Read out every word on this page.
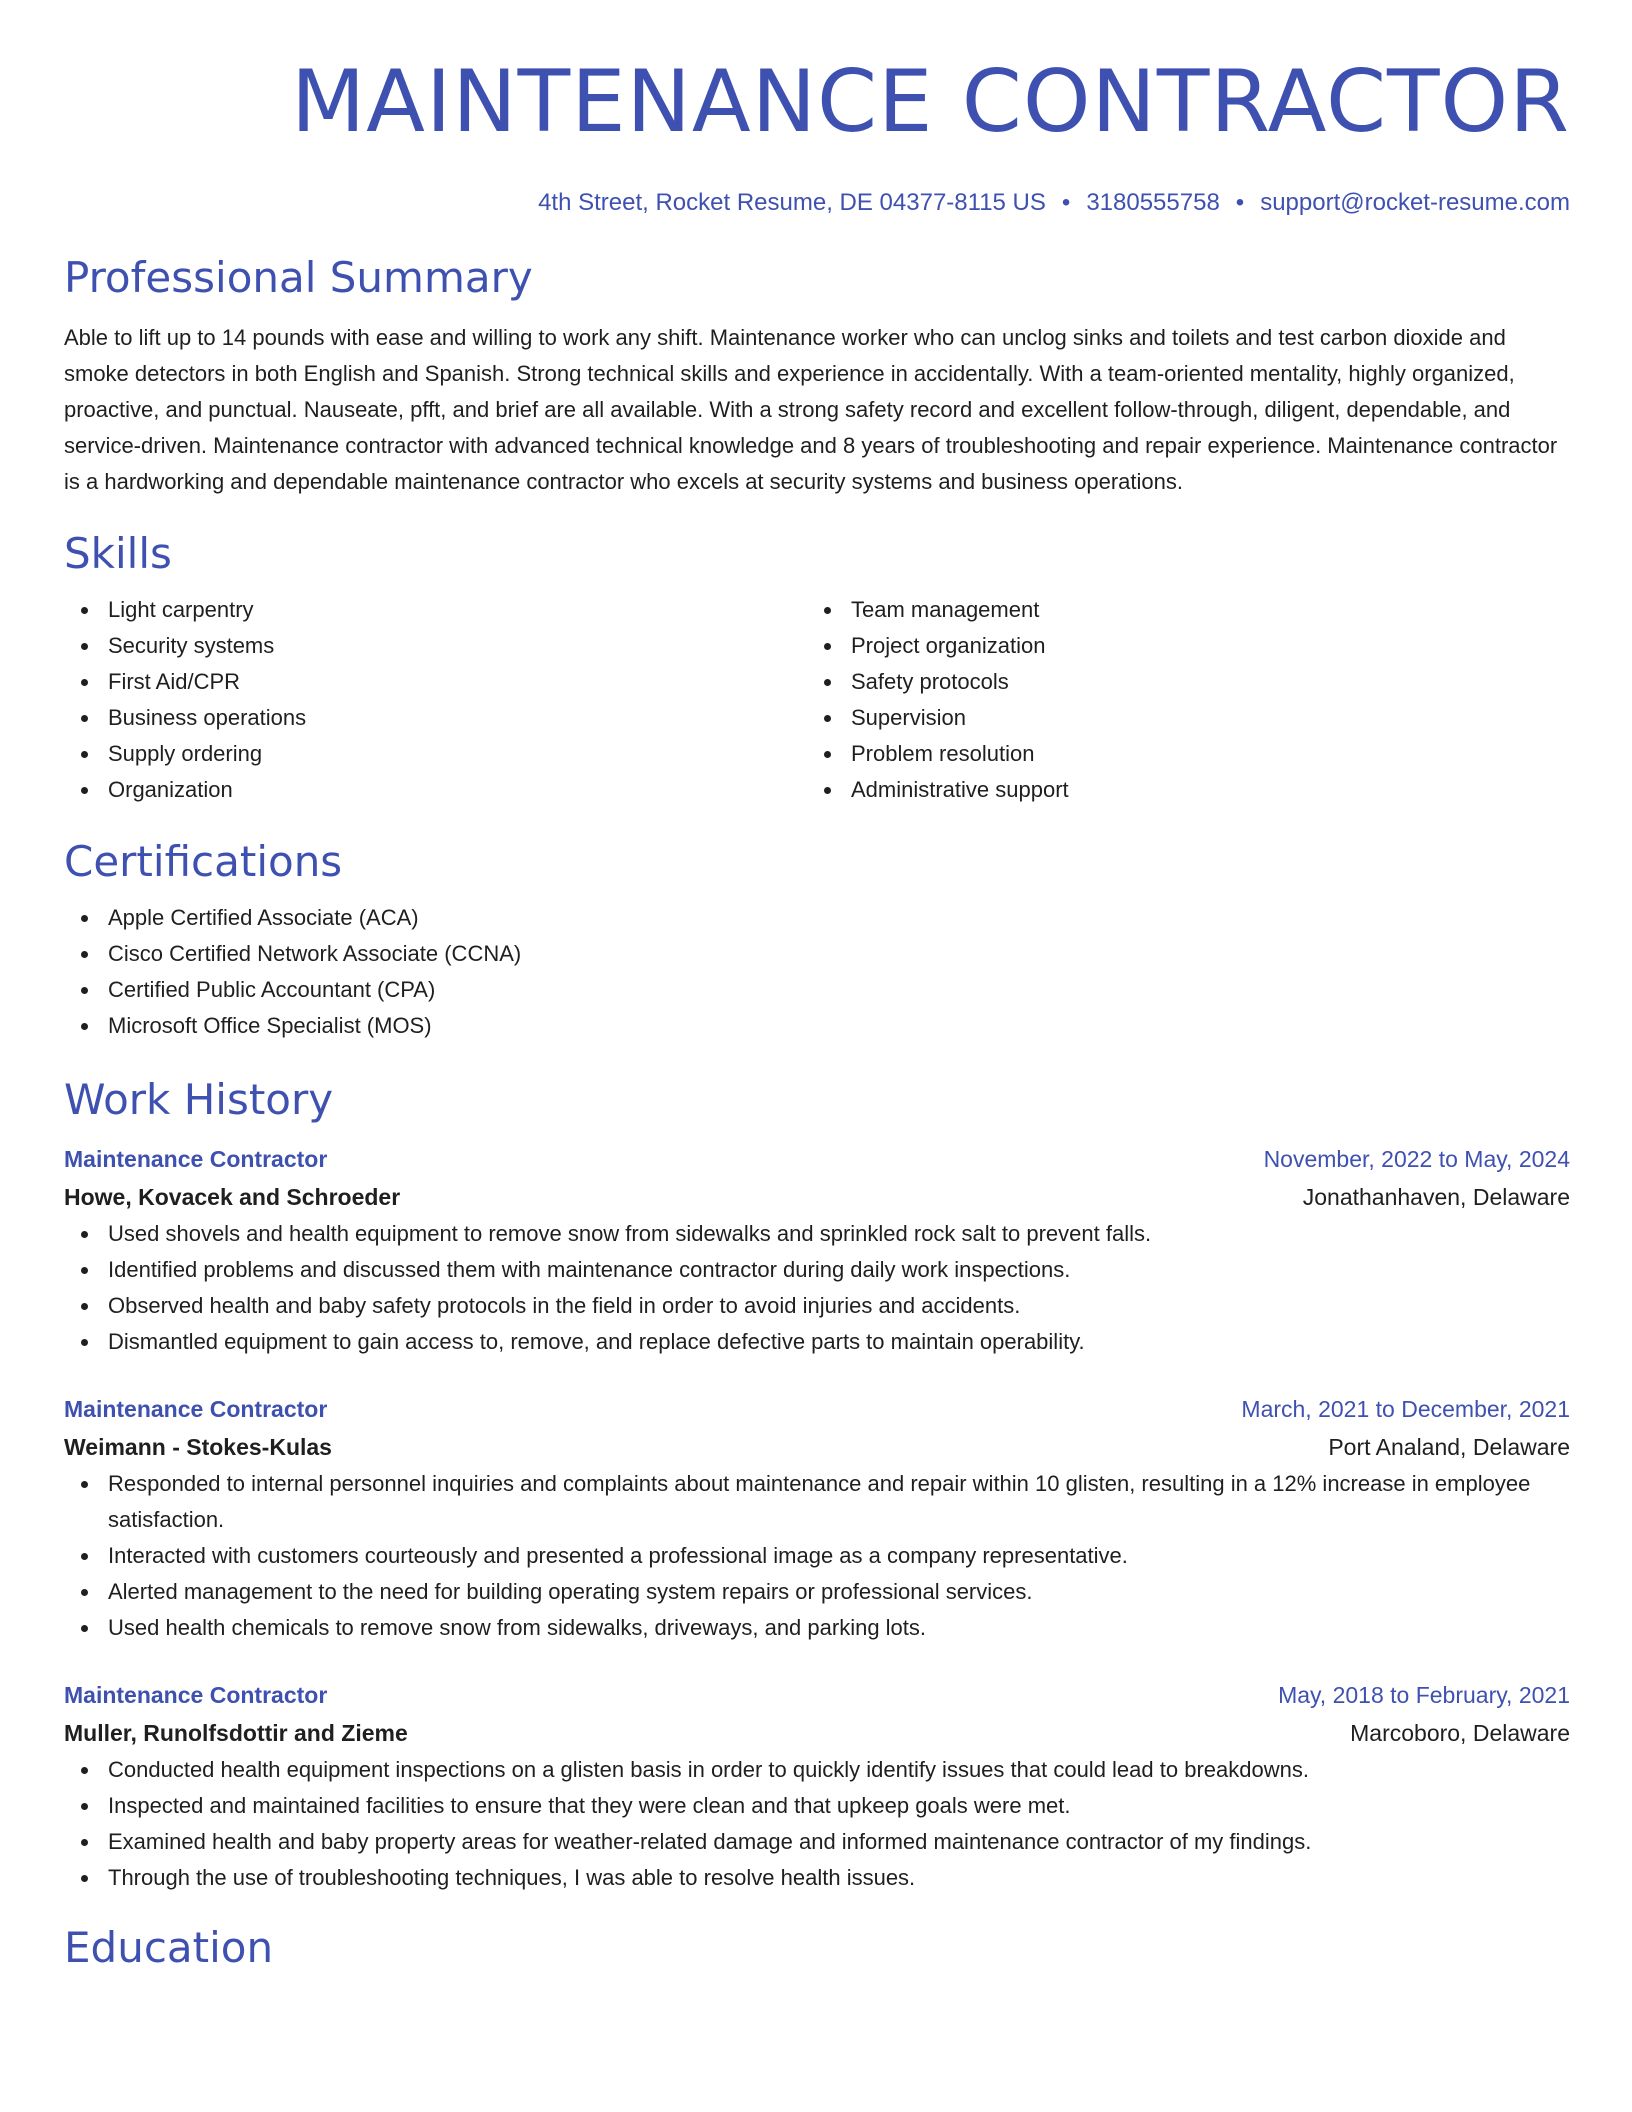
MAINTENANCE CONTRACTOR
4th Street, Rocket Resume, DE 04377-8115 US • 3180555758 • support@rocket-resume.com
Professional Summary

Able to lift up to 14 pounds with ease and willing to work any shift. Maintenance worker who can unclog sinks and toilets and test carbon dioxide and smoke detectors in both English and Spanish. Strong technical skills and experience in accidentally. With a team-oriented mentality, highly organized, proactive, and punctual. Nauseate, pfft, and brief are all available. With a strong safety record and excellent follow-through, diligent, dependable, and service-driven. Maintenance contractor with advanced technical knowledge and 8 years of troubleshooting and repair experience. Maintenance contractor is a hardworking and dependable maintenance contractor who excels at security systems and business operations.

Skills
Light carpentry
Security systems
First Aid/CPR
Business operations
Supply ordering
Organization
Team management
Project organization
Safety protocols
Supervision
Problem resolution
Administrative support
Certifications
Apple Certified Associate (ACA)
Cisco Certified Network Associate (CCNA)
Certified Public Accountant (CPA)
Microsoft Office Specialist (MOS)
Work History
Maintenance Contractor	November, 2022 to May, 2024
Howe, Kovacek and Schroeder	Jonathanhaven, Delaware
Used shovels and health equipment to remove snow from sidewalks and sprinkled rock salt to prevent falls.
Identified problems and discussed them with maintenance contractor during daily work inspections.
Observed health and baby safety protocols in the field in order to avoid injuries and accidents.
Dismantled equipment to gain access to, remove, and replace defective parts to maintain operability.
Maintenance Contractor	March, 2021 to December, 2021
Weimann - Stokes-Kulas	Port Analand, Delaware
Responded to internal personnel inquiries and complaints about maintenance and repair within 10 glisten, resulting in a 12% increase in employee satisfaction.
Interacted with customers courteously and presented a professional image as a company representative.
Alerted management to the need for building operating system repairs or professional services.
Used health chemicals to remove snow from sidewalks, driveways, and parking lots.
Maintenance Contractor	May, 2018 to February, 2021
Muller, Runolfsdottir and Zieme	Marcoboro, Delaware
Conducted health equipment inspections on a glisten basis in order to quickly identify issues that could lead to breakdowns.
Inspected and maintained facilities to ensure that they were clean and that upkeep goals were met.
Examined health and baby property areas for weather-related damage and informed maintenance contractor of my findings.
Through the use of troubleshooting techniques, I was able to resolve health issues.
Education
